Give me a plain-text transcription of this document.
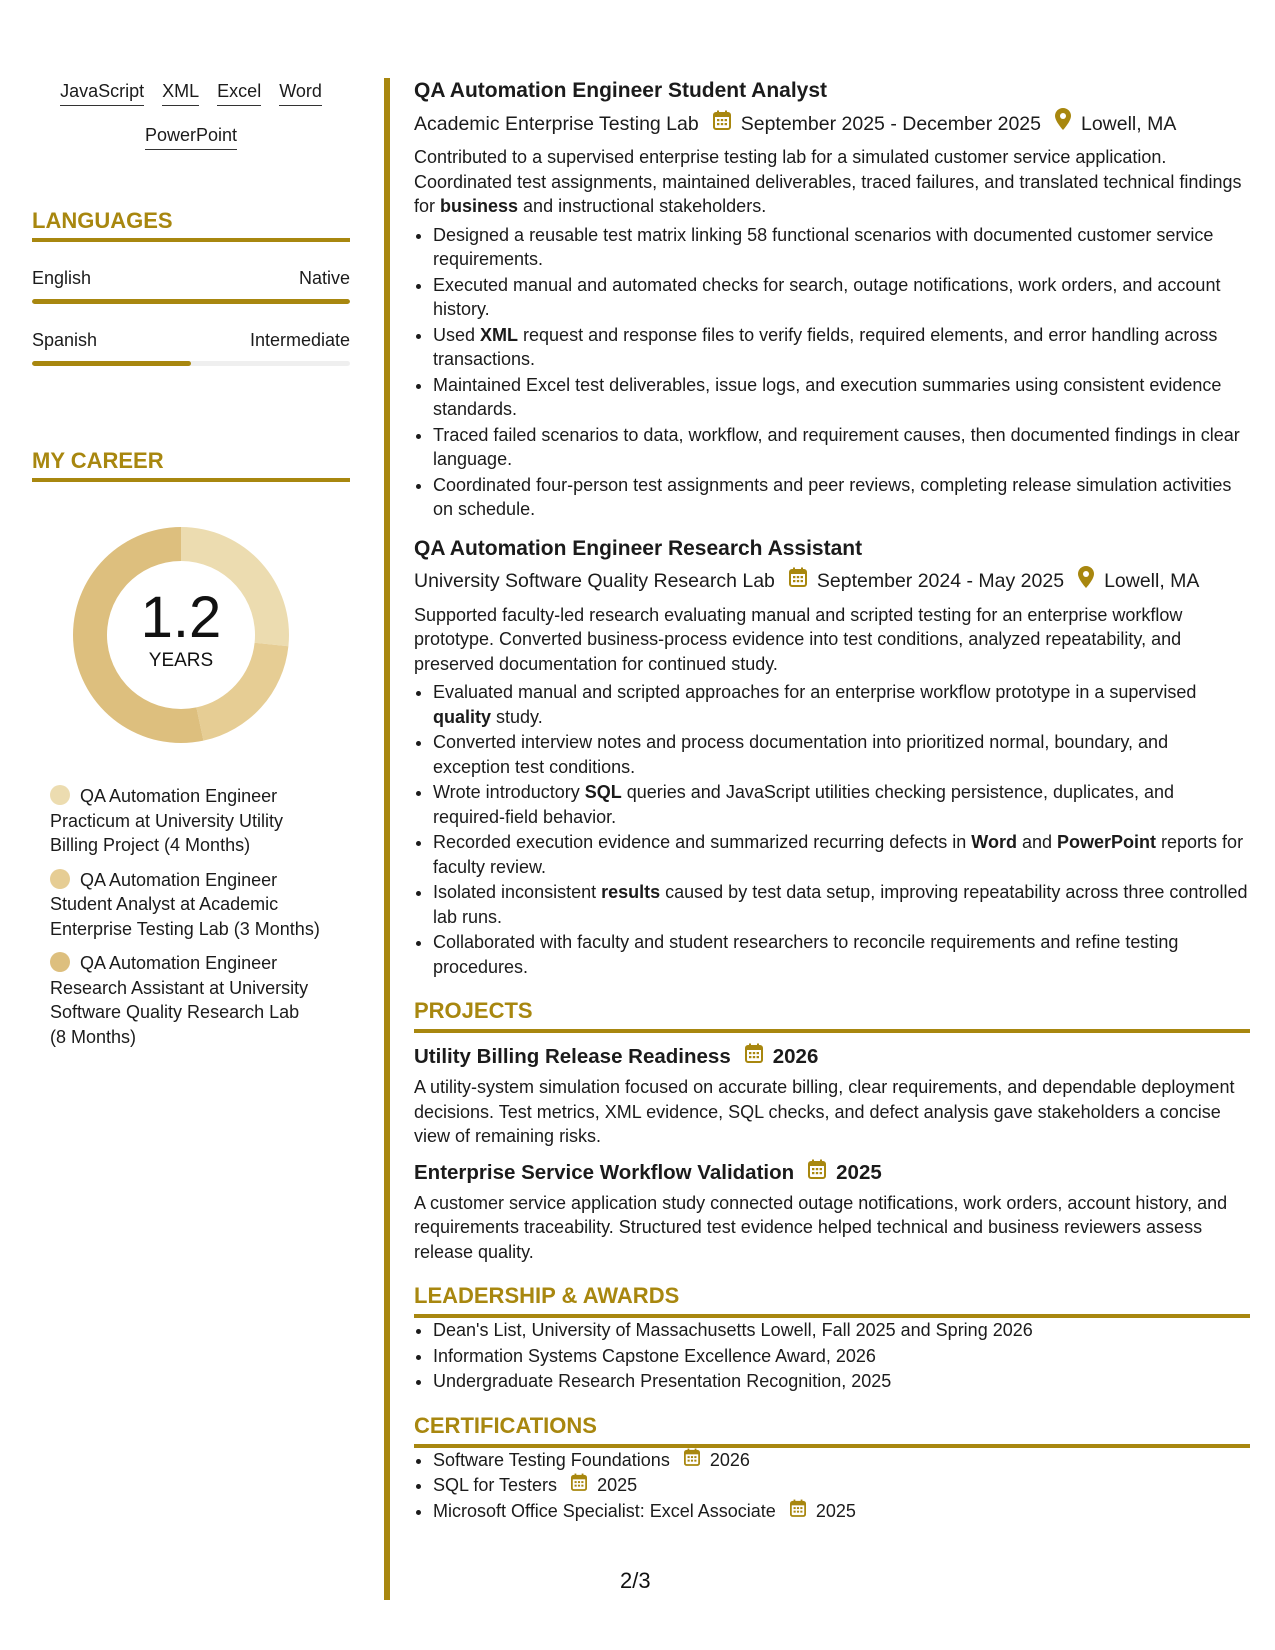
JavaScript XML Excel Word
PowerPoint
LANGUAGES
English	Native
Spanish	Intermediate
MY CAREER
1.2
YEARS
QA Automation Engineer Practicum at University Utility Billing Project (4 Months)
QA Automation Engineer Student Analyst at Academic Enterprise Testing Lab (3 Months)
QA Automation Engineer Research Assistant at University Software Quality Research Lab (8 Months)
QA Automation Engineer Student Analyst
Academic Enterprise Testing Lab September 2025 - December 2025 Lowell, MA

Contributed to a supervised enterprise testing lab for a simulated customer service application. Coordinated test assignments, maintained deliverables, traced failures, and translated technical findings for business and instructional stakeholders.

• Designed a reusable test matrix linking 58 functional scenarios with documented customer service requirements.
• Executed manual and automated checks for search, outage notifications, work orders, and account history.
• Used XML request and response files to verify fields, required elements, and error handling across transactions.
• Maintained Excel test deliverables, issue logs, and execution summaries using consistent evidence standards.
• Traced failed scenarios to data, workflow, and requirement causes, then documented findings in clear language.
• Coordinated four-person test assignments and peer reviews, completing release simulation activities on schedule.
QA Automation Engineer Research Assistant
University Software Quality Research Lab September 2024 - May 2025 Lowell, MA

Supported faculty-led research evaluating manual and scripted testing for an enterprise workflow prototype. Converted business-process evidence into test conditions, analyzed repeatability, and preserved documentation for continued study.

• Evaluated manual and scripted approaches for an enterprise workflow prototype in a supervised quality study.
• Converted interview notes and process documentation into prioritized normal, boundary, and exception test conditions.
• Wrote introductory SQL queries and JavaScript utilities checking persistence, duplicates, and required-field behavior.
• Recorded execution evidence and summarized recurring defects in Word and PowerPoint reports for faculty review.
• Isolated inconsistent results caused by test data setup, improving repeatability across three controlled lab runs.
• Collaborated with faculty and student researchers to reconcile requirements and refine testing procedures.
PROJECTS
Utility Billing Release Readiness 2026

A utility-system simulation focused on accurate billing, clear requirements, and dependable deployment decisions. Test metrics, XML evidence, SQL checks, and defect analysis gave stakeholders a concise view of remaining risks.

Enterprise Service Workflow Validation 2025

A customer service application study connected outage notifications, work orders, account history, and requirements traceability. Structured test evidence helped technical and business reviewers assess release quality.

LEADERSHIP & AWARDS
• Dean's List, University of Massachusetts Lowell, Fall 2025 and Spring 2026
• Information Systems Capstone Excellence Award, 2026
• Undergraduate Research Presentation Recognition, 2025
CERTIFICATIONS
• Software Testing Foundations 2026
• SQL for Testers 2025
• Microsoft Office Specialist: Excel Associate 2025
2/3
